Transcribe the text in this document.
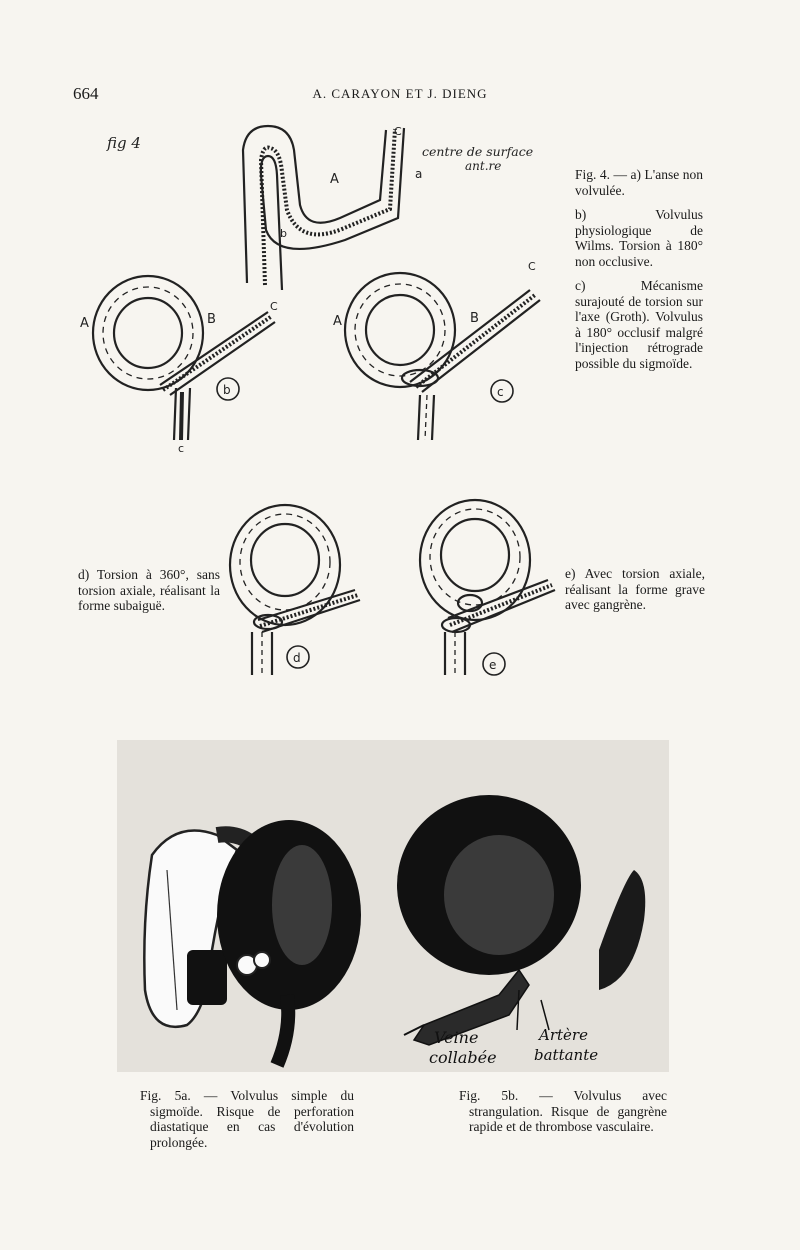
664	A. CARAYON ET J. DIENG
fig 4	centre de surface
ant.re
A
b
C
a
A	B
C
c
b
A	B
C
c
d	e

Fig. 4. — a) L'anse non volvulée.

b) Volvulus physiologique de Wilms. Torsion à 180° non occlusive.

c) Mécanisme surajouté de torsion sur l'axe (Groth). Volvulus à 180° occlusif malgré l'injection rétrograde possible du sigmoïde.

d) Torsion à 360°, sans torsion axiale, réalisant la forme subaiguë.
e) Avec torsion axiale, réalisant la forme grave avec gangrène.
Veine
collabée
Artère
battante
Fig. 5a. — Volvulus simple du sigmoïde. Risque de perforation diastatique en cas d'évolution prolongée.
Fig. 5b. — Volvulus avec strangulation. Risque de gangrène rapide et de thrombose vasculaire.
